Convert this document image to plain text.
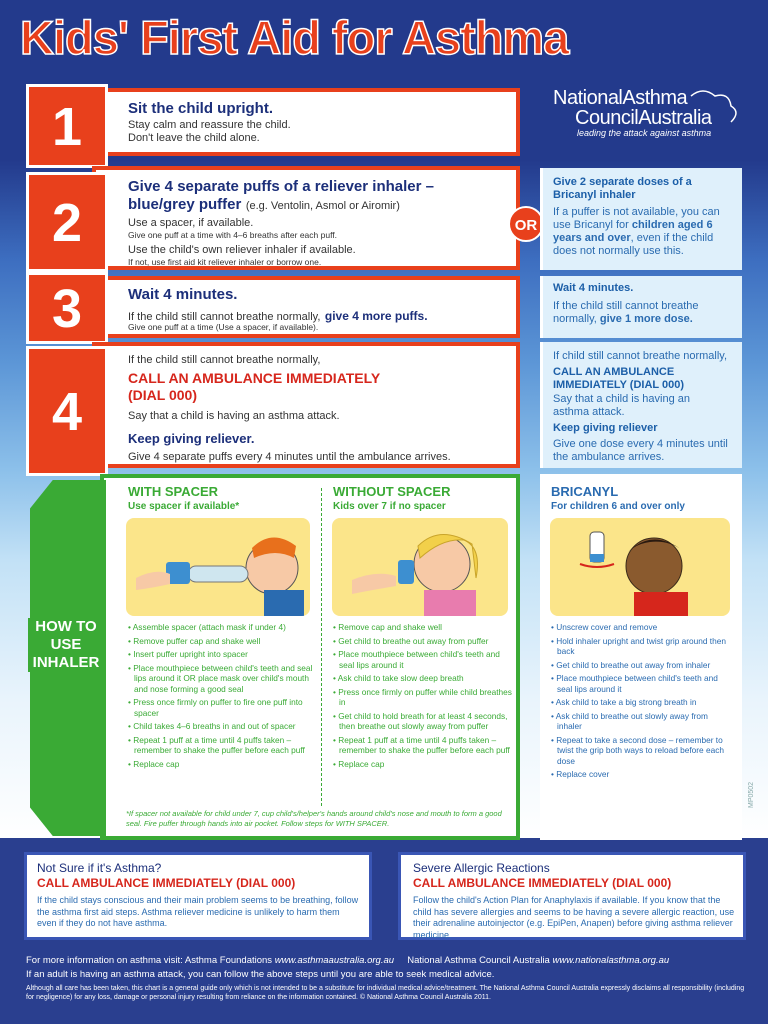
Kids' First Aid for Asthma
NationalAsthma
CouncilAustralia
leading the attack against asthma
Sit the child upright.
Stay calm and reassure the child.
Don't leave the child alone.
1
Give 4 separate puffs of a reliever inhaler –
blue/grey puffer (e.g. Ventolin, Asmol or Airomir)
Use a spacer, if available.
Give one puff at a time with 4–6 breaths after each puff.
Use the child's own reliever inhaler if available.
If not, use first aid kit reliever inhaler or borrow one.
2
Wait 4 minutes.
If the child still cannot breathe normally, give 4 more puffs.
Give one puff at a time (Use a spacer, if available).
3
If the child still cannot breathe normally,
CALL AN AMBULANCE IMMEDIATELY
(DIAL 000)
Say that a child is having an asthma attack.
Keep giving reliever.
Give 4 separate puffs every 4 minutes until the ambulance arrives.
4
OR
Give 2 separate doses of a Bricanyl inhaler
If a puffer is not available, you can use Bricanyl for children aged 6 years and over, even if the child does not normally use this.
Wait 4 minutes.
If the child still cannot breathe normally, give 1 more dose.
If child still cannot breathe normally,
CALL AN AMBULANCE IMMEDIATELY (DIAL 000)
Say that a child is having an asthma attack.
Keep giving reliever
Give one dose every 4 minutes until the ambulance arrives.
HOW TO USE INHALER
WITH SPACER
Use spacer if available*
• Assemble spacer (attach mask if under 4)
• Remove puffer cap and shake well
• Insert puffer upright into spacer
• Place mouthpiece between child's teeth and seal lips around it OR place mask over child's mouth and nose forming a good seal
• Press once firmly on puffer to fire one puff into spacer
• Child takes 4–6 breaths in and out of spacer
• Repeat 1 puff at a time until 4 puffs taken – remember to shake the puffer before each puff
• Replace cap
WITHOUT SPACER
Kids over 7 if no spacer
• Remove cap and shake well
• Get child to breathe out away from puffer
• Place mouthpiece between child's teeth and seal lips around it
• Ask child to take slow deep breath
• Press once firmly on puffer while child breathes in
• Get child to hold breath for at least 4 seconds, then breathe out slowly away from puffer
• Repeat 1 puff at a time until 4 puffs taken – remember to shake the puffer before each puff
• Replace cap
*If spacer not available for child under 7, cup child's/helper's hands around child's nose and mouth to form a good seal. Fire puffer through hands into air pocket. Follow steps for WITH SPACER.
BRICANYL
For children 6 and over only
• Unscrew cover and remove
• Hold inhaler upright and twist grip around then back
• Get child to breathe out away from inhaler
• Place mouthpiece between child's teeth and seal lips around it
• Ask child to take a big strong breath in
• Ask child to breathe out slowly away from inhaler
• Repeat to take a second dose – remember to twist the grip both ways to reload before each dose
• Replace cover
MP0502
Not Sure if it's Asthma?
CALL AMBULANCE IMMEDIATELY (DIAL 000)
If the child stays conscious and their main problem seems to be breathing, follow the asthma first aid steps. Asthma reliever medicine is unlikely to harm them even if they do not have asthma.
Severe Allergic Reactions
CALL AMBULANCE IMMEDIATELY (DIAL 000)
Follow the child's Action Plan for Anaphylaxis if available. If you know that the child has severe allergies and seems to be having a severe allergic reaction, use their adrenaline autoinjector (e.g. EpiPen, Anapen) before giving asthma reliever medicine.
For more information on asthma visit: Asthma Foundations www.asthmaaustralia.org.au National Asthma Council Australia www.nationalasthma.org.au
If an adult is having an asthma attack, you can follow the above steps until you are able to seek medical advice.
Although all care has been taken, this chart is a general guide only which is not intended to be a substitute for individual medical advice/treatment. The National Asthma Council Australia expressly disclaims all responsibility (including for negligence) for any loss, damage or personal injury resulting from reliance on the information contained. © National Asthma Council Australia 2011.
